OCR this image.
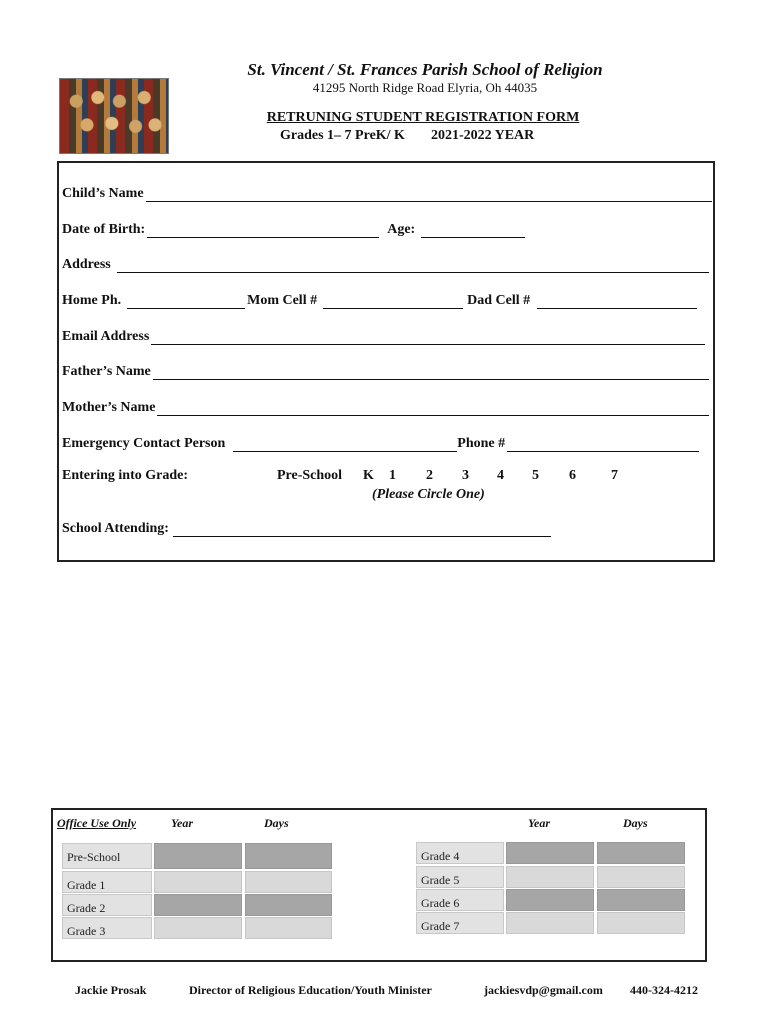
St. Vincent / St. Frances Parish School of Religion
41295 North Ridge Road Elyria, Oh 44035
RETRUNING STUDENT REGISTRATION FORM
Grades 1– 7 PreK/ K 2021-2022 YEAR
Child’s Name
Date of Birth:	Age:
Address
Home Ph.	Mom Cell #	Dad Cell #
Email Address
Father’s Name
Mother’s Name
Emergency Contact Person	Phone #
Entering into Grade:	Pre-School K 1 2 3 4 5 6	7
(Please Circle One)
School Attending:
Office Use Only	Year	Days	Year	Days
Pre-School
Grade 1
Grade 2
Grade 3
Grade 4
Grade 5
Grade 6
Grade 7
Jackie Prosak	Director of Religious Education/Youth Minister	jackiesvdp@gmail.com 440-324-4212
